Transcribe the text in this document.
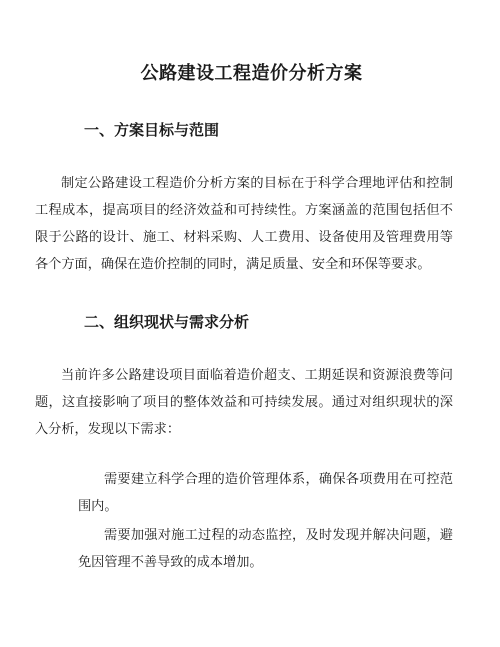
公路建设工程造价分析方案
一、方案目标与范围

制定公路建设工程造价分析方案的目标在于科学合理地评估和控制工程成本，提高项目的经济效益和可持续性。方案涵盖的范围包括但不限于公路的设计、施工、材料采购、人工费用、设备使用及管理费用等各个方面，确保在造价控制的同时，满足质量、安全和环保等要求。

二、组织现状与需求分析

当前许多公路建设项目面临着造价超支、工期延误和资源浪费等问题，这直接影响了项目的整体效益和可持续发展。通过对组织现状的深入分析，发现以下需求：

需要建立科学合理的造价管理体系，确保各项费用在可控范围内。

需要加强对施工过程的动态监控，及时发现并解决问题，避免因管理不善导致的成本增加。
